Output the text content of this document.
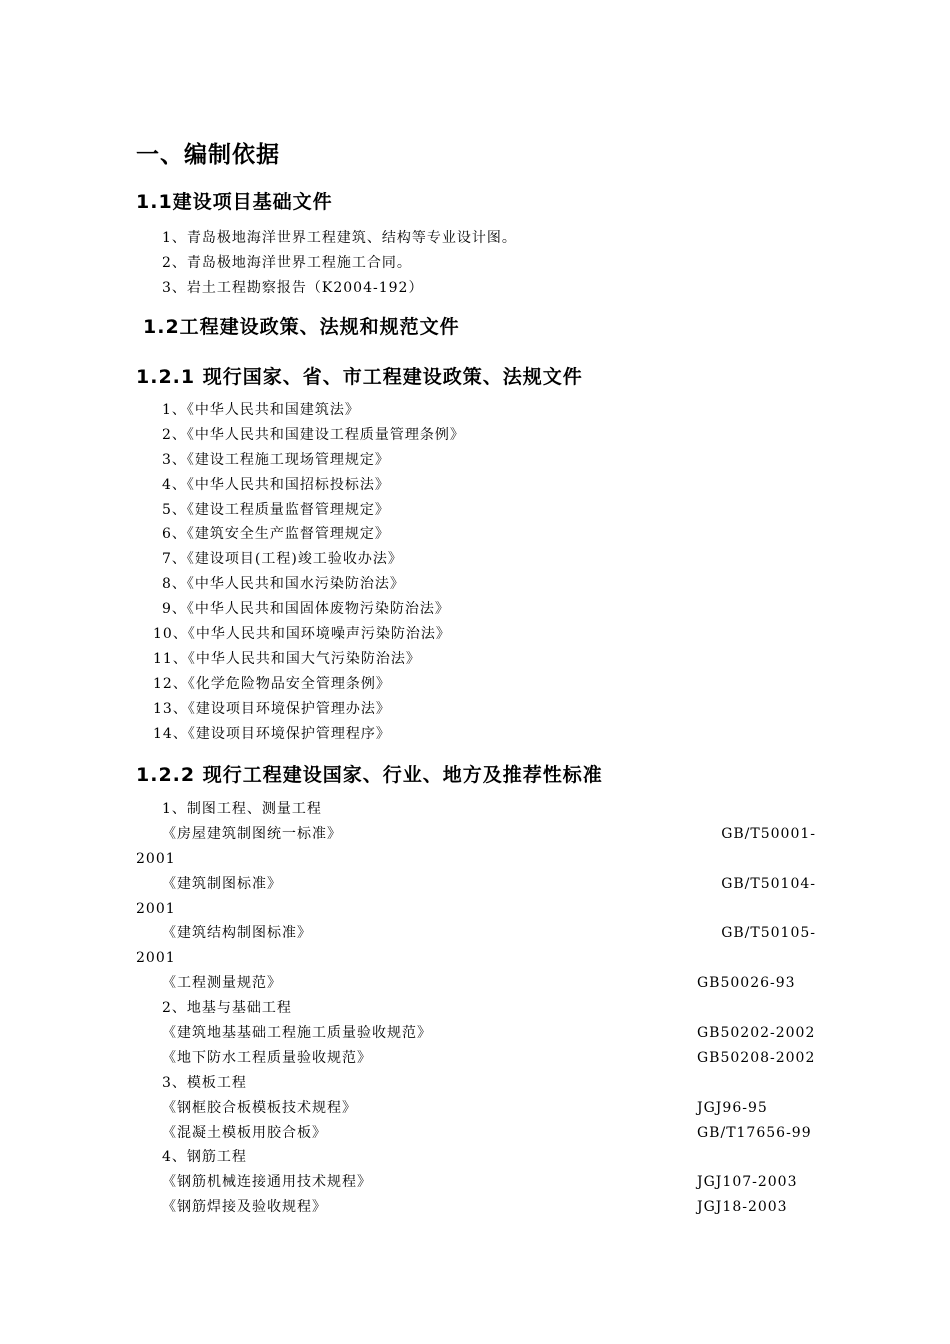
一、编制依据
1.1建设项目基础文件
1、青岛极地海洋世界工程建筑、结构等专业设计图。
2、青岛极地海洋世界工程施工合同。
3、岩土工程勘察报告（K2004-192）
1.2工程建设政策、法规和规范文件
1.2.1 现行国家、省、市工程建设政策、法规文件
1、《中华人民共和国建筑法》
2、《中华人民共和国建设工程质量管理条例》
3、《建设工程施工现场管理规定》
4、《中华人民共和国招标投标法》
5、《建设工程质量监督管理规定》
6、《建筑安全生产监督管理规定》
7、《建设项目(工程)竣工验收办法》
8、《中华人民共和国水污染防治法》
9、《中华人民共和国固体废物污染防治法》
10、《中华人民共和国环境噪声污染防治法》
11、《中华人民共和国大气污染防治法》
12、《化学危险物品安全管理条例》
13、《建设项目环境保护管理办法》
14、《建设项目环境保护管理程序》
1.2.2 现行工程建设国家、行业、地方及推荐性标准
1、制图工程、测量工程
《房屋建筑制图统一标准》	GB/T50001-
2001
《建筑制图标准》	GB/T50104-
2001
《建筑结构制图标准》	GB/T50105-
2001
《工程测量规范》	GB50026-93
2、地基与基础工程
《建筑地基基础工程施工质量验收规范》	GB50202-2002
《地下防水工程质量验收规范》	GB50208-2002
3、模板工程
《钢框胶合板模板技术规程》	JGJ96-95
《混凝土模板用胶合板》	GB/T17656-99
4、钢筋工程
《钢筋机械连接通用技术规程》	JGJ107-2003
《钢筋焊接及验收规程》	JGJ18-2003
